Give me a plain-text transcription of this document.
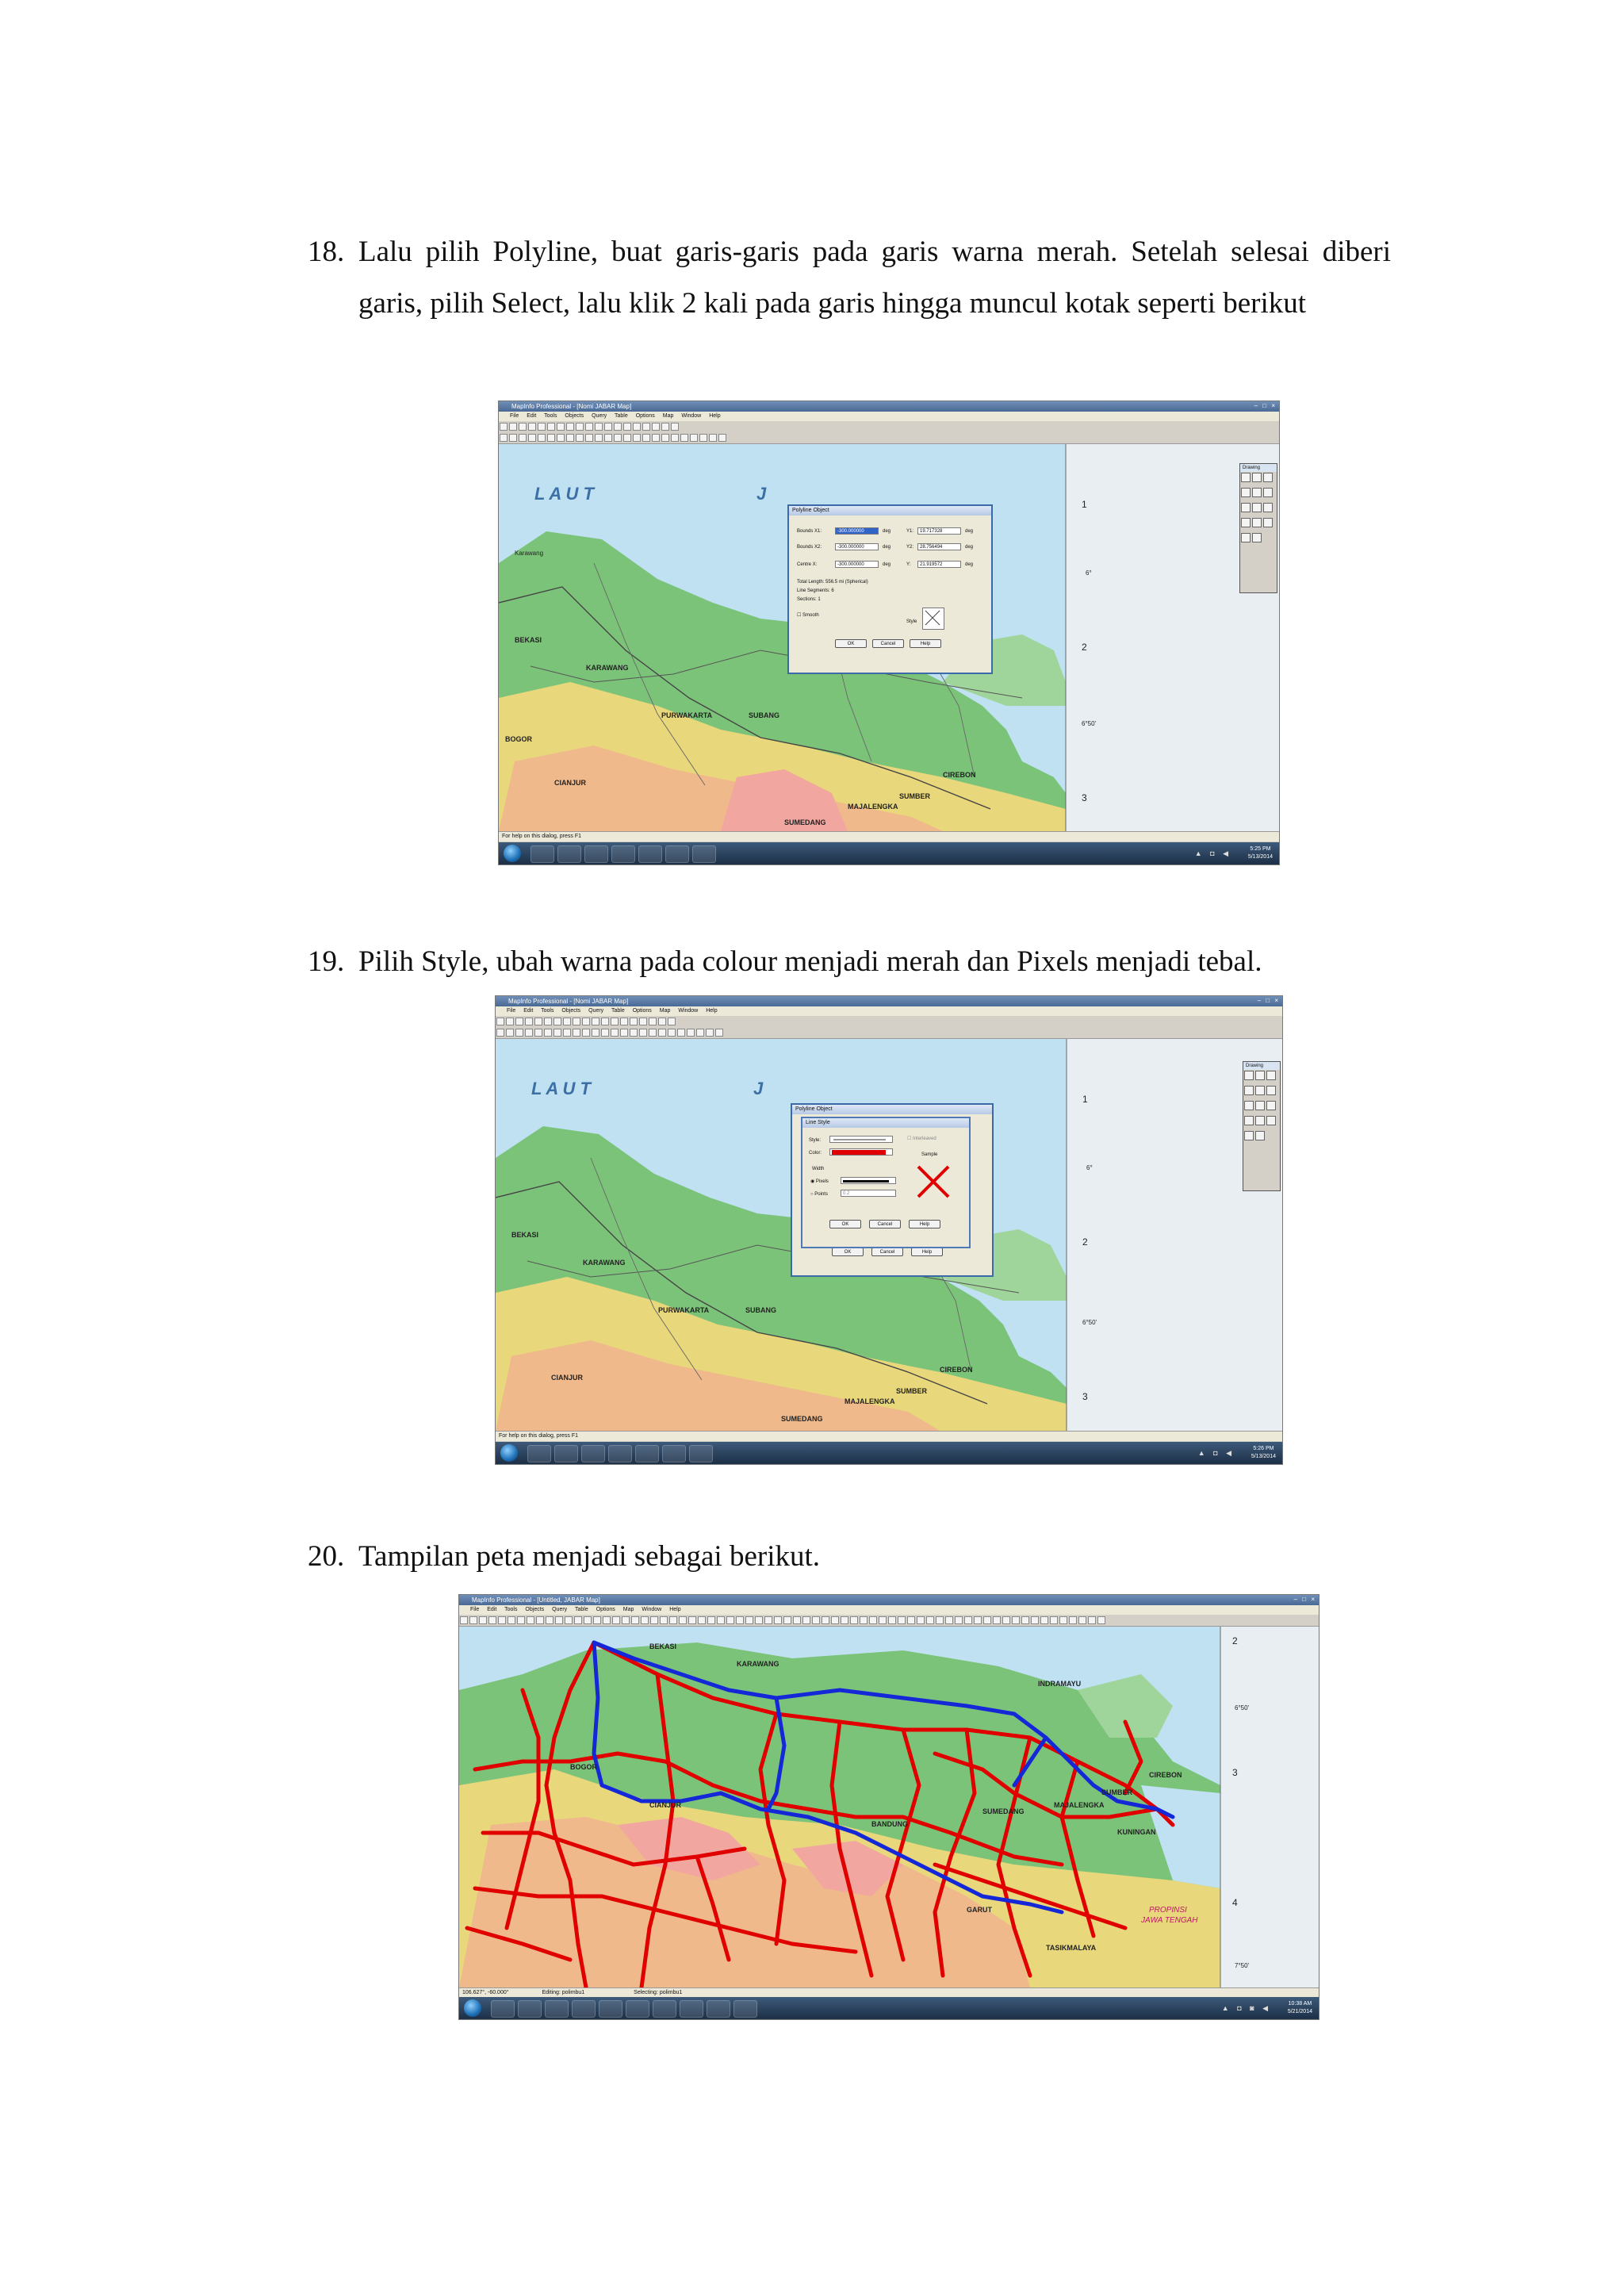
18. Lalu pilih Polyline, buat garis-garis pada garis warna merah. Setelah selesai diberi garis, pilih Select, lalu klik 2 kali pada garis hingga muncul kotak seperti berikut
MapInfo Professional - [Nomi JABAR Map]	– □ ×
File Edit Tools Objects Query Table Options Map Window Help
L A U T	J
BEKASI
KARAWANG
PURWAKARTA	SUBANG
BOGOR
CIANJUR
CIREBON
SUMBER
MAJALENGKA
SUMEDANG
Karawang
1
2
3
6°
6°50'
Drawing
Polyline Object
Bounds X1:	-300.000000	deg	Y1:	19.717328	deg
Bounds X2:	-300.000000	deg	Y2:	28.756494	deg
Centre X:	-300.000000	deg	Y:	21.919572	deg
Total Length: 556.5 mi (Spherical)
Line Segments: 6
Sections: 1
☐ Smooth
Style
OK	Cancel	Help
For help on this dialog, press F1
▲ ◘ ◀
5:25 PM
5/13/2014
19. Pilih Style, ubah warna pada colour menjadi merah dan Pixels menjadi tebal.
MapInfo Professional - [Nomi JABAR Map]	– □ ×
File Edit Tools Objects Query Table Options Map Window Help
L A U T	J
BEKASI
KARAWANG
PURWAKARTA	SUBANG
CIANJUR
CIREBON
SUMBER
MAJALENGKA
SUMEDANG
1
2
3
6°
6°50'
Drawing
Polyline Object
OK	Cancel	Help
Line Style
Style:
Color:
☐ Interleaved
Sample
Width
◉ Pixels
○ Points	0.2
OK	Cancel	Help
For help on this dialog, press F1
▲ ◘ ◀
5:26 PM
5/13/2014
20. Tampilan peta menjadi sebagai berikut.
MapInfo Professional - [Untitled, JABAR Map]	– □ ×
File Edit Tools Objects Query Table Options Map Window Help
BEKASI
KARAWANG
BOGOR
CIANJUR
INDRAMAYU
CIREBON
SUMBER
MAJALENGKA
SUMEDANG
KUNINGAN
BANDUNG
GARUT
TASIKMALAYA
PROPINSI
JAWA TENGAH
2
3
4
6°50'
7°50'
106.627°, -60.000°	Editing: polimbu1	Selecting: polimbu1
▲ ◘ ◙ ◀
10:38 AM
5/21/2014
